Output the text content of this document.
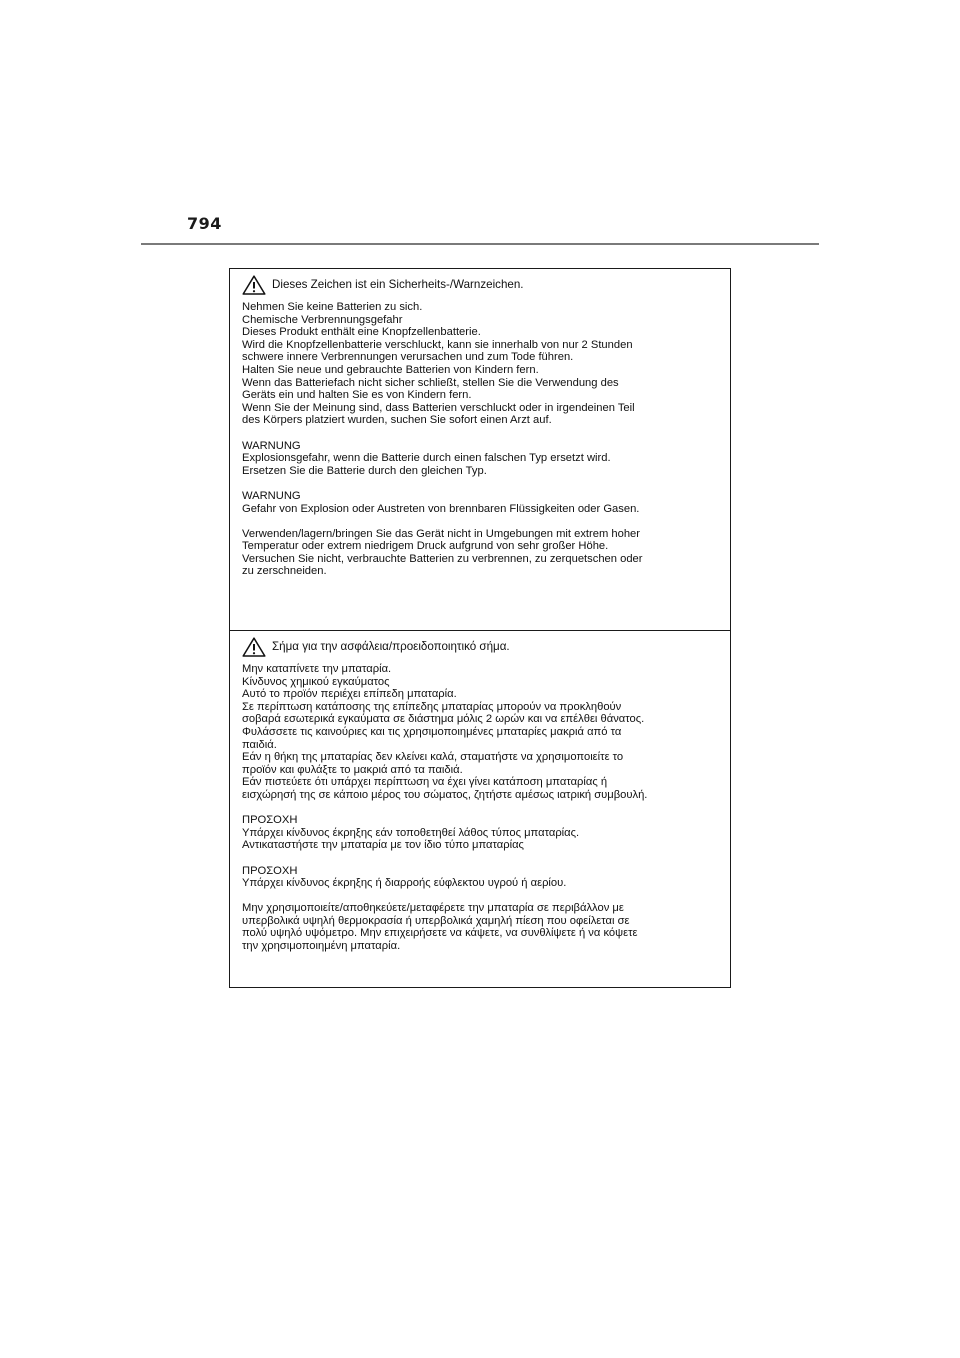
794
Dieses Zeichen ist ein Sicherheits-/Warnzeichen.
Nehmen Sie keine Batterien zu sich.
Chemische Verbrennungsgefahr
Dieses Produkt enthält eine Knopfzellenbatterie.
Wird die Knopfzellenbatterie verschluckt, kann sie innerhalb von nur 2 Stunden
schwere innere Verbrennungen verursachen und zum Tode führen.
Halten Sie neue und gebrauchte Batterien von Kindern fern.
Wenn das Batteriefach nicht sicher schließt, stellen Sie die Verwendung des
Geräts ein und halten Sie es von Kindern fern.
Wenn Sie der Meinung sind, dass Batterien verschluckt oder in irgendeinen Teil
des Körpers platziert wurden, suchen Sie sofort einen Arzt auf.
WARNUNG
Explosionsgefahr, wenn die Batterie durch einen falschen Typ ersetzt wird.
Ersetzen Sie die Batterie durch den gleichen Typ.
WARNUNG
Gefahr von Explosion oder Austreten von brennbaren Flüssigkeiten oder Gasen.
Verwenden/lagern/bringen Sie das Gerät nicht in Umgebungen mit extrem hoher
Temperatur oder extrem niedrigem Druck aufgrund von sehr großer Höhe.
Versuchen Sie nicht, verbrauchte Batterien zu verbrennen, zu zerquetschen oder
zu zerschneiden.
Σήμα για την ασφάλεια/προειδοποιητικό σήμα.
Μην καταπίνετε την μπαταρία.
Κίνδυνος χημικού εγκαύματος
Αυτό το προϊόν περιέχει επίπεδη μπαταρία.
Σε περίπτωση κατάποσης της επίπεδης μπαταρίας μπορούν να προκληθούν
σοβαρά εσωτερικά εγκαύματα σε διάστημα μόλις 2 ωρών και να επέλθει θάνατος.
Φυλάσσετε τις καινούριες και τις χρησιμοποιημένες μπαταρίες μακριά από τα
παιδιά.
Εάν η θήκη της μπαταρίας δεν κλείνει καλά, σταματήστε να χρησιμοποιείτε το
προϊόν και φυλάξτε το μακριά από τα παιδιά.
Εάν πιστεύετε ότι υπάρχει περίπτωση να έχει γίνει κατάποση μπαταρίας ή
εισχώρησή της σε κάποιο μέρος του σώματος, ζητήστε αμέσως ιατρική συμβουλή.
ΠΡΟΣΟΧΗ
Υπάρχει κίνδυνος έκρηξης εάν τοποθετηθεί λάθος τύπος μπαταρίας.
Αντικαταστήστε την μπαταρία με τον ίδιο τύπο μπαταρίας
ΠΡΟΣΟΧΗ
Υπάρχει κίνδυνος έκρηξης ή διαρροής εύφλεκτου υγρού ή αερίου.
Μην χρησιμοποιείτε/αποθηκεύετε/μεταφέρετε την μπαταρία σε περιβάλλον με
υπερβολικά υψηλή θερμοκρασία ή υπερβολικά χαμηλή πίεση που οφείλεται σε
πολύ υψηλό υψόμετρο. Μην επιχειρήσετε να κάψετε, να συνθλίψετε ή να κόψετε
την χρησιμοποιημένη μπαταρία.
